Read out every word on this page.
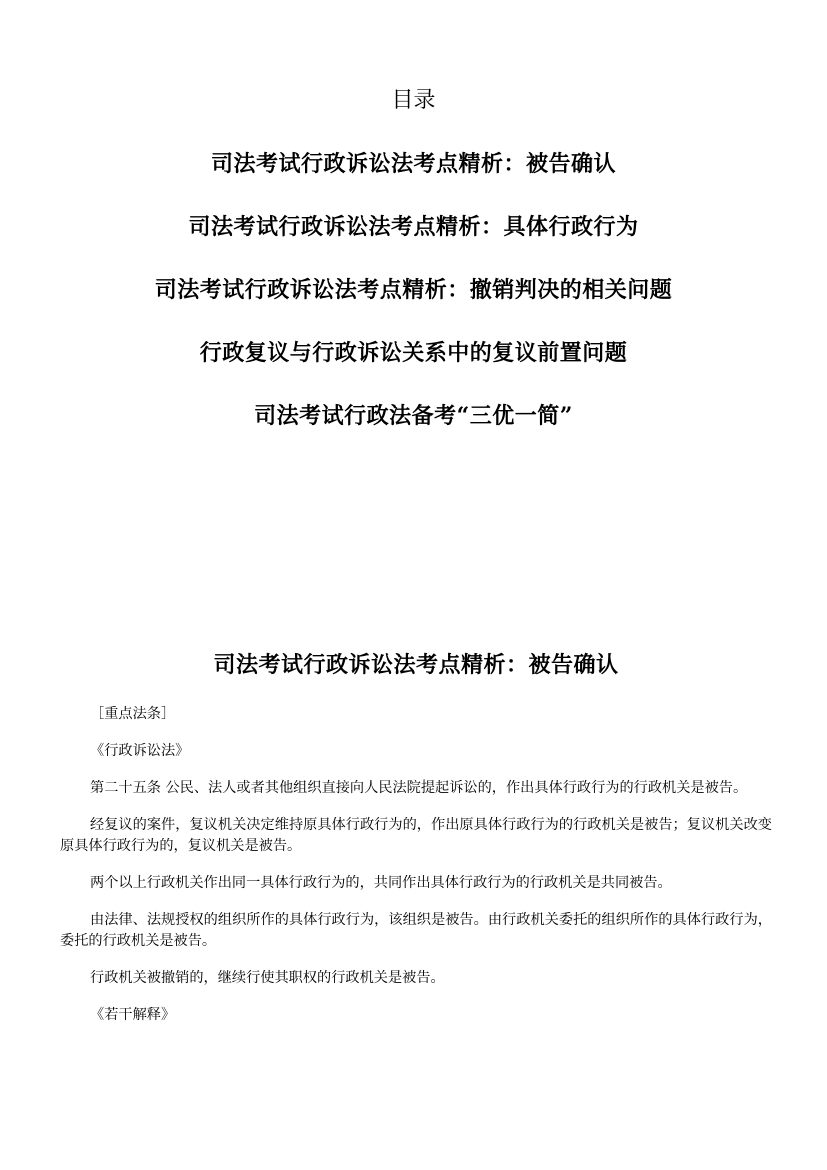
目录
司法考试行政诉讼法考点精析：被告确认
司法考试行政诉讼法考点精析：具体行政行为
司法考试行政诉讼法考点精析：撤销判决的相关问题
行政复议与行政诉讼关系中的复议前置问题
司法考试行政法备考“三优一简”
司法考试行政诉讼法考点精析：被告确认

［重点法条］

《行政诉讼法》

第二十五条 公民、法人或者其他组织直接向人民法院提起诉讼的，作出具体行政行为的行政机关是被告。

经复议的案件，复议机关决定维持原具体行政行为的，作出原具体行政行为的行政机关是被告；复议机关改变原具体行政行为的，复议机关是被告。

两个以上行政机关作出同一具体行政行为的，共同作出具体行政行为的行政机关是共同被告。

由法律、法规授权的组织所作的具体行政行为，该组织是被告。由行政机关委托的组织所作的具体行政行为，委托的行政机关是被告。

行政机关被撤销的，继续行使其职权的行政机关是被告。

《若干解释》
